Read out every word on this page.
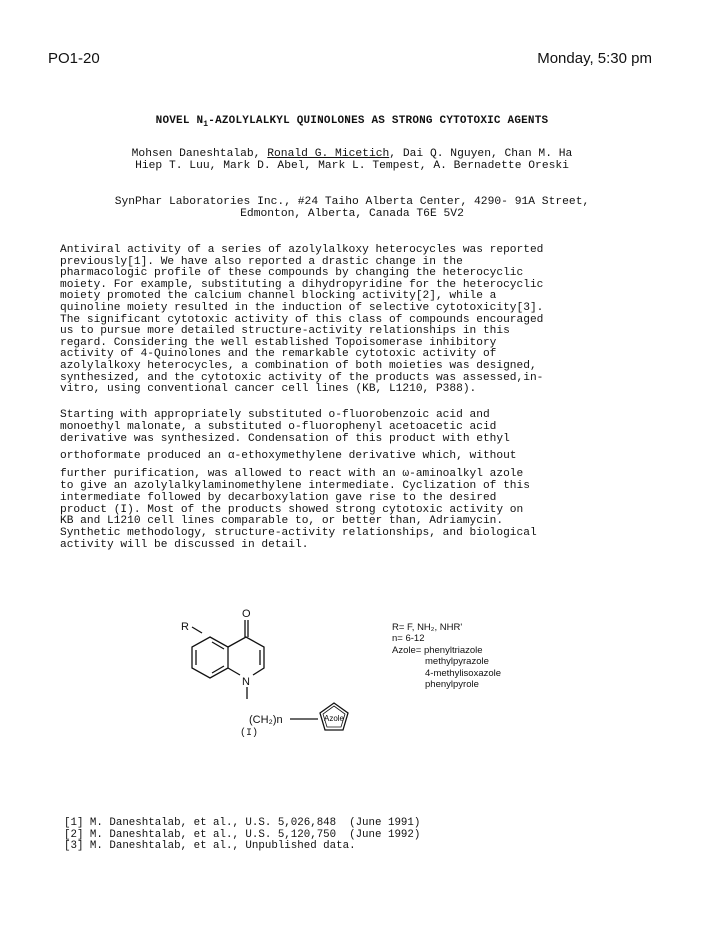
PO1-20	Monday, 5:30 pm
NOVEL $N_1$-AZOLYLALKYL QUINOLONES AS STRONG CYTOTOXIC AGENTS
Mohsen Daneshtalab, Ronald G. Micetich, Dai Q. Nguyen, Chan M. Ha
Hiep T. Luu, Mark D. Abel, Mark L. Tempest, A. Bernadette Oreski
SynPhar Laboratories Inc., #24 Taiho Alberta Center, 4290- 91A Street,
Edmonton, Alberta, Canada T6E 5V2
Antiviral activity of a series of azolylalkoxy heterocycles was reported
previously[1]. We have also reported a drastic change in the
pharmacologic profile of these compounds by changing the heterocyclic
moiety. For example, substituting a dihydropyridine for the heterocyclic
moiety promoted the calcium channel blocking activity[2], while a
quinoline moiety resulted in the induction of selective cytotoxicity[3].
The significant cytotoxic activity of this class of compounds encouraged
us to pursue more detailed structure-activity relationships in this
regard. Considering the well established Topoisomerase inhibitory
activity of 4-Quinolones and the remarkable cytotoxic activity of
azolylalkoxy heterocycles, a combination of both moieties was designed,
synthesized, and the cytotoxic activity of the products was assessed,in-
vitro, using conventional cancer cell lines (KB, L1210, P388).
Starting with appropriately substituted o-fluorobenzoic acid and
monoethyl malonate, a substituted o-fluorophenyl acetoacetic acid
derivative was synthesized. Condensation of this product with ethyl
orthoformate produced an α-ethoxymethylene derivative which, without
further purification, was allowed to react with an ω-aminoalkyl azole
to give an azolylalkylaminomethylene intermediate. Cyclization of this
intermediate followed by decarboxylation gave rise to the desired
product (I). Most of the products showed strong cytotoxic activity on
KB and L1210 cell lines comparable to, or better than, Adriamycin.
Synthetic methodology, structure-activity relationships, and biological
activity will be discussed in detail.
R
O
N
(CH₂)n	Azole
(I)
R= F, NH₂, NHR'
n= 6-12
Azole= phenyltriazole
methylpyrazole
4-methylisoxazole
phenylpyrole
[1] M. Daneshtalab, et al., U.S. 5,026,848  (June 1991)
[2] M. Daneshtalab, et al., U.S. 5,120,750  (June 1992)
[3] M. Daneshtalab, et al., Unpublished data.
